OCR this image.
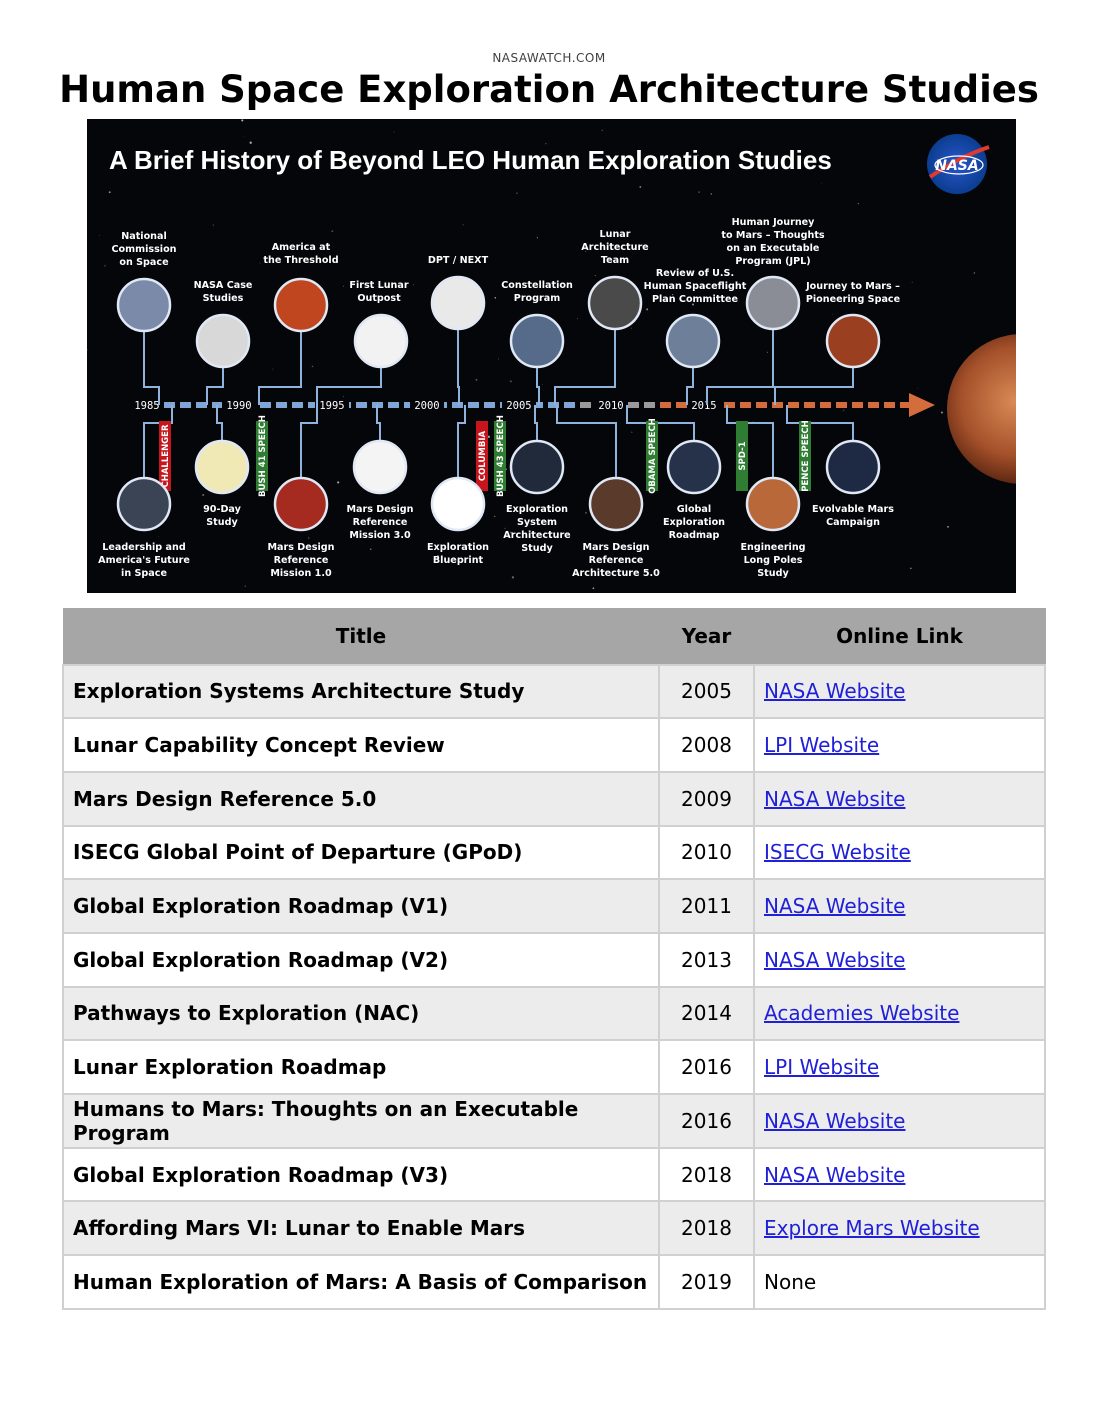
NASAWATCH.COM
Human Space Exploration Architecture Studies
A Brief History of Beyond LEO Human Exploration Studies	NASA
1985	1990	1995	2000	2005	2010	2015
CHALLENGER	BUSH 41 SPEECH	COLUMBIA BUSH 43 SPEECH	OBAMA SPEECH	SPD-1	PENCE SPEECH
National Commission on Space
NASA Case Studies
America at the Threshold
First Lunar Outpost
DPT / NEXT
Constellation Program
Lunar Architecture Team
Review of U.S. Human Spaceflight Plan Committee
Human Journey to Mars – Thoughts on an Executable Program (JPL)
Journey to Mars – Pioneering Space
Leadership and America's Future in Space
90-Day Study
Mars Design Reference Mission 1.0
Mars Design Reference Mission 3.0
Exploration Blueprint
Exploration System Architecture Study	Mars Design Reference Architecture 5.0
Global Exploration Roadmap
Engineering Long Poles Study
Evolvable Mars Campaign
Title	Year	Online Link
Exploration Systems Architecture Study	2005	NASA Website
Lunar Capability Concept Review	2008	LPI Website
Mars Design Reference 5.0	2009	NASA Website
ISECG Global Point of Departure (GPoD)	2010	ISECG Website
Global Exploration Roadmap (V1)	2011	NASA Website
Global Exploration Roadmap (V2)	2013	NASA Website
Pathways to Exploration (NAC)	2014	Academies Website
Lunar Exploration Roadmap	2016	LPI Website
Humans to Mars: Thoughts on an Executable Program	2016	NASA Website
Global Exploration Roadmap (V3)	2018	NASA Website
Affording Mars VI: Lunar to Enable Mars	2018	Explore Mars Website
Human Exploration of Mars: A Basis of Comparison	2019	None
